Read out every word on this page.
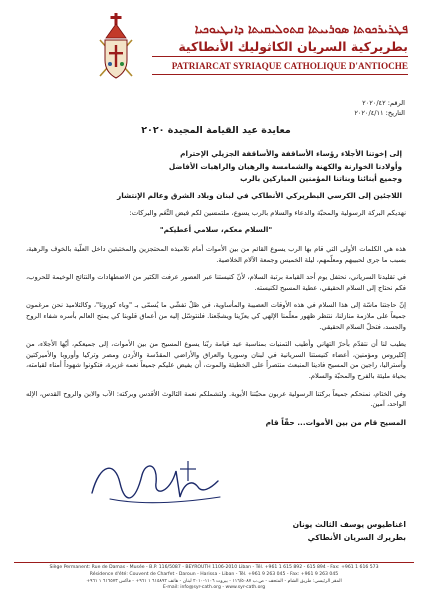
ܦܛܪܝܪܟܘܬܐ ܣܘܪܝܝܬܐ ܩܬܘܠܝܩܝܬܐ ܕܐܢܛܝܘܟܝܐ
بطريركية السريان الكاثوليك الأنطاكية
PATRIARCAT SYRIAQUE CATHOLIQUE D'ANTIOCHE
الرقم: ٢٠٢٠/٤٢
التاريخ: ٢٠٢٠/٤/١١

معايدة عيد القيامة المجيدة ٢٠٢٠

إلى إخوتنا الأجلاء رؤساء الأساقفة والأساقفة الجزيلي الإحترام

وأولادنا الخوارنة والكهنة والشمامسة والرهبان والراهبات الأفاضل

وجميع أبنائنا وبناتنا المؤمنين المباركين بالرب

اللاجئين إلى الكرسي البطريركي الأنطاكي في لبنان وبلاد الشرق وعالم الإنتشار

نهديكم البركة الرسولية والمحبّة والدعاء والسلام بالرب يسوع، ملتمسين لكم فيض النِّعَم والبركات:

"السلام معكم، سلامي أعطيكم"

هذه هي الكلمات الأولى التي قام بها الرب يسوع القائم من بين الأموات أمام تلاميذه المحتجزين والمختبئين داخل العلّية بالخوف والرهبة، بسبب ما جرى لحبيبهم ومعلّمهم، ليلة الخميس وجمعة الآلام الخلاصية.

في تقليدنا السرياني، نحتفل يوم أحد القيامة برتبة السلام، لأنّ كنيستنا عبر العصور عرفت الكثير من الاضطهادات والنتائج الوخيمة للحروب، فكم نحتاج إلى السلام الحقيقي، عطية المسيح لكنيسته.

إنّ حاجتنا ماسّة إلى هذا السلام في هذه الأوقات العصيبة والمأساوية، في ظلّ تفشّي ما يُسمّى بـ "وباء كورونا"، وكالتلاميذ نحن مرغمون جميعاً على ملازمة منازلنا، ننتظر ظهور معلّمنا الإلهي كي يعزّينا ويشجّعنا. فلنتوسّل إليه من أعماق قلوبنا كي يمنح العالم بأسره شفاء الروح والجسد، فتحلّ السلام الحقيقي.

يطيب لنا أن نتقدّم بأحرّ التهاني وأطيب التمنيات بمناسبة عيد قيامة ربّنا يسوع المسيح من بين الأموات، إلى جميعكم، أيّها الأجلاء، من إكليروس ومؤمنين، أعضاء كنيستنا السريانية في لبنان وسوريا والعراق والأراضي المقدّسة والأردن ومصر وتركيا وأوروبا والأميركتين وأستراليا، راجين من المسيح فادينا المنبعث منتصراً على الخطيئة والموت، أن يفيض عليكم جميعاً نعمه غزيرة، فتكونوا شهوداً أمناء لقيامته، بحياة مليئة بالفرح والمحبّة والسلام.

وفي الختام، نمنحكم جميعاً بركتنا الرسولية عربون محبّتنا الأبوية. ولتشملكم نعمة الثالوث الأقدس وبركته: الآب والابن والروح القدس، الإله الواحد، آمين.

المسيح قام من بين الأموات... حقّاً قام

اغناطيوس يوسف الثالث يونان
بطريرك السريان الأنطاكي
Siège Permanent: Rue de Damas - Musée - B.P. 116/5087 - BEYROUTH 1106-2010 Liban - Tél. +961 1 615 892 - 615 894 - Fax: +961 1 616 573
Résidence d'été: Couvent de Charfet - Daroun - Harissa - Liban - Tél. +961 9 263 045 - Fax: +961 9 263 045
المقر الرئيسي: طريق الشام - المتحف - ص.ب ١١٦/٥٠٨٧ - بيروت ١١٠٦-٢٠١٠ لبنان - هاتف ٦١٥٨٩٢ ١ ٩٦١+ - فاكس ٦١٦٥٧٣ ١ ٩٦١+
E-mail: info@syr-cath.org - www.syr-cath.org
